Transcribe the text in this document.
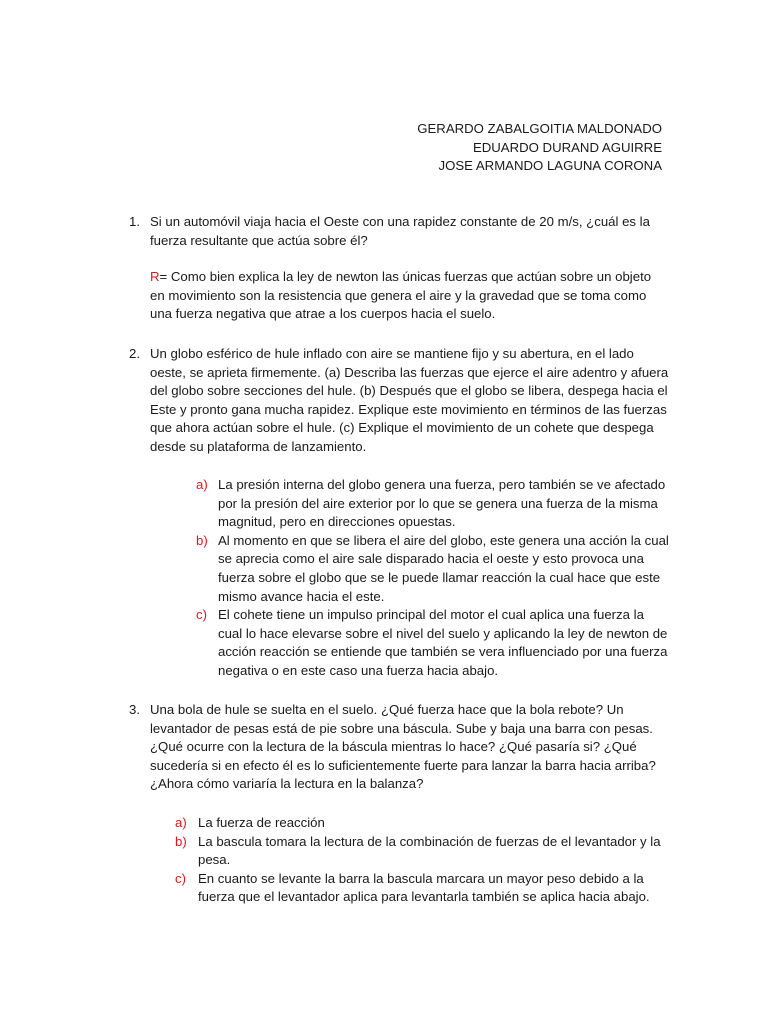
GERARDO ZABALGOITIA MALDONADO
EDUARDO DURAND AGUIRRE
JOSE ARMANDO LAGUNA CORONA
1. Si un automóvil viaja hacia el Oeste con una rapidez constante de 20 m/s, ¿cuál es la fuerza resultante que actúa sobre él?
R= Como bien explica la ley de newton las únicas fuerzas que actúan sobre un objeto en movimiento son la resistencia que genera el aire y la gravedad que se toma como una fuerza negativa que atrae a los cuerpos hacia el suelo.
2. Un globo esférico de hule inflado con aire se mantiene fijo y su abertura, en el lado oeste, se aprieta firmemente. (a) Describa las fuerzas que ejerce el aire adentro y afuera del globo sobre secciones del hule. (b) Después que el globo se libera, despega hacia el Este y pronto gana mucha rapidez. Explique este movimiento en términos de las fuerzas que ahora actúan sobre el hule. (c) Explique el movimiento de un cohete que despega desde su plataforma de lanzamiento.
a) La presión interna del globo genera una fuerza, pero también se ve afectado por la presión del aire exterior por lo que se genera una fuerza de la misma magnitud, pero en direcciones opuestas.
b) Al momento en que se libera el aire del globo, este genera una acción la cual se aprecia como el aire sale disparado hacia el oeste y esto provoca una fuerza sobre el globo que se le puede llamar reacción la cual hace que este mismo avance hacia el este.
c) El cohete tiene un impulso principal del motor el cual aplica una fuerza la cual lo hace elevarse sobre el nivel del suelo y aplicando la ley de newton de acción reacción se entiende que también se vera influenciado por una fuerza negativa o en este caso una fuerza hacia abajo.
3. Una bola de hule se suelta en el suelo. ¿Qué fuerza hace que la bola rebote? Un levantador de pesas está de pie sobre una báscula. Sube y baja una barra con pesas. ¿Qué ocurre con la lectura de la báscula mientras lo hace? ¿Qué pasaría si? ¿Qué sucedería si en efecto él es lo suficientemente fuerte para lanzar la barra hacia arriba? ¿Ahora cómo variaría la lectura en la balanza?
a) La fuerza de reacción
b) La bascula tomara la lectura de la combinación de fuerzas de el levantador y la pesa.
c) En cuanto se levante la barra la bascula marcara un mayor peso debido a la fuerza que el levantador aplica para levantarla también se aplica hacia abajo.
